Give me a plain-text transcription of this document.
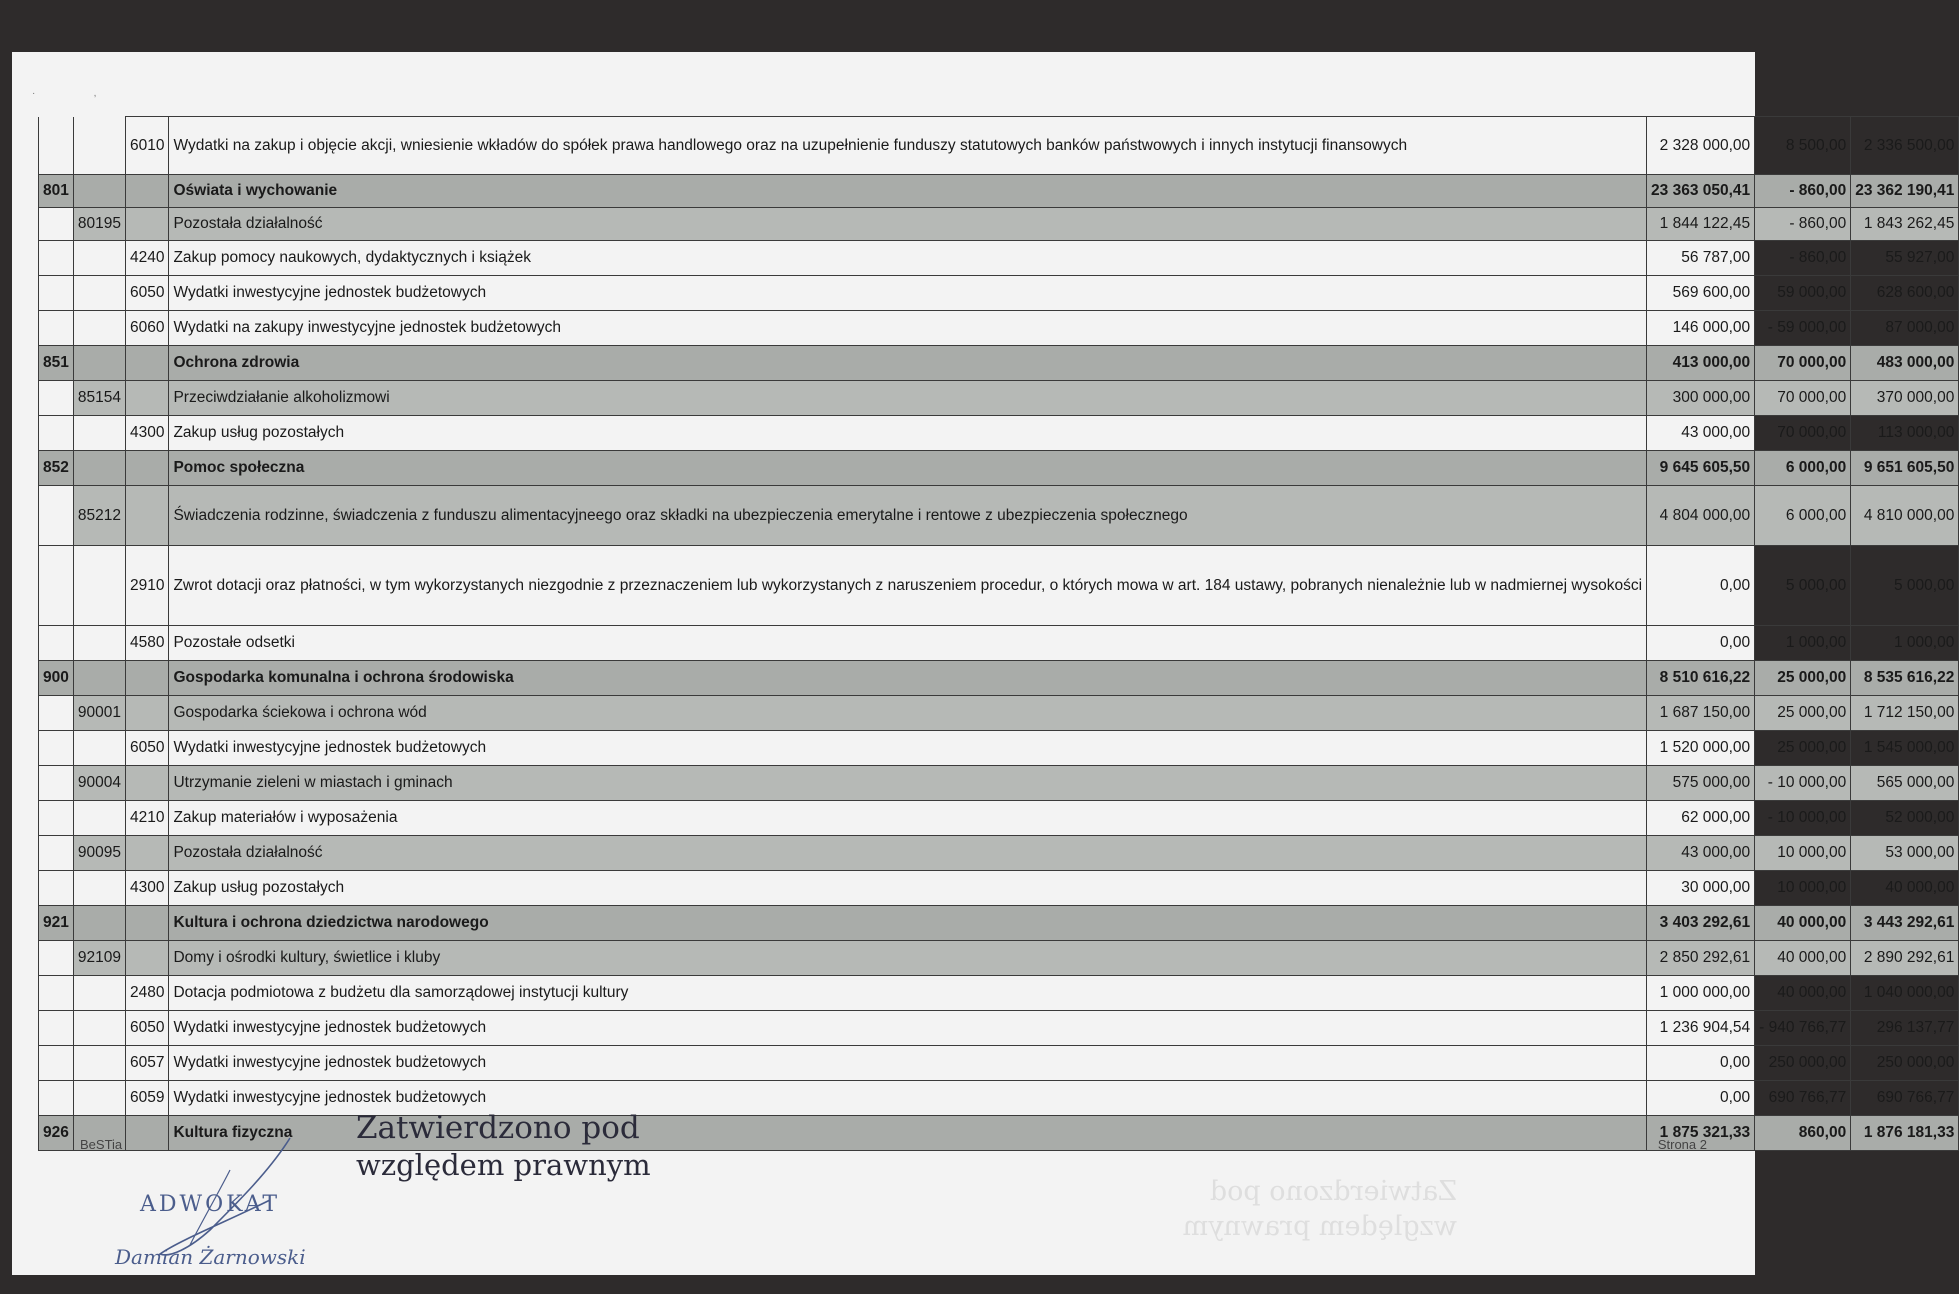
·                     ,
		6010	Wydatki na zakup i objęcie akcji, wniesienie wkładów do spółek prawa handlowego oraz na uzupełnienie funduszy statutowych banków państwowych i innych instytucji finansowych	2 328 000,00	8 500,00	2 336 500,00
801			Oświata i wychowanie	23 363 050,41	- 860,00	23 362 190,41
	80195		Pozostała działalność	1 844 122,45	- 860,00	1 843 262,45
		4240	Zakup pomocy naukowych, dydaktycznych i książek	56 787,00	- 860,00	55 927,00
		6050	Wydatki inwestycyjne jednostek budżetowych	569 600,00	59 000,00	628 600,00
		6060	Wydatki na zakupy inwestycyjne jednostek budżetowych	146 000,00	- 59 000,00	87 000,00
851			Ochrona zdrowia	413 000,00	70 000,00	483 000,00
	85154		Przeciwdziałanie alkoholizmowi	300 000,00	70 000,00	370 000,00
		4300	Zakup usług pozostałych	43 000,00	70 000,00	113 000,00
852			Pomoc społeczna	9 645 605,50	6 000,00	9 651 605,50
	85212		Świadczenia rodzinne, świadczenia z funduszu alimentacyjneego oraz składki na ubezpieczenia emerytalne i rentowe z ubezpieczenia społecznego	4 804 000,00	6 000,00	4 810 000,00
		2910	Zwrot dotacji oraz płatności, w tym wykorzystanych niezgodnie z przeznaczeniem lub wykorzystanych z naruszeniem procedur, o których mowa w art. 184 ustawy, pobranych nienależnie lub w nadmiernej wysokości	0,00	5 000,00	5 000,00
		4580	Pozostałe odsetki	0,00	1 000,00	1 000,00
900			Gospodarka komunalna i ochrona środowiska	8 510 616,22	25 000,00	8 535 616,22
	90001		Gospodarka ściekowa i ochrona wód	1 687 150,00	25 000,00	1 712 150,00
		6050	Wydatki inwestycyjne jednostek budżetowych	1 520 000,00	25 000,00	1 545 000,00
	90004		Utrzymanie zieleni w miastach i gminach	575 000,00	- 10 000,00	565 000,00
		4210	Zakup materiałów i wyposażenia	62 000,00	- 10 000,00	52 000,00
	90095		Pozostała działalność	43 000,00	10 000,00	53 000,00
		4300	Zakup usług pozostałych	30 000,00	10 000,00	40 000,00
921			Kultura i ochrona dziedzictwa narodowego	3 403 292,61	40 000,00	3 443 292,61
	92109		Domy i ośrodki kultury, świetlice i kluby	2 850 292,61	40 000,00	2 890 292,61
		2480	Dotacja podmiotowa z budżetu dla samorządowej instytucji kultury	1 000 000,00	40 000,00	1 040 000,00
		6050	Wydatki inwestycyjne jednostek budżetowych	1 236 904,54	- 940 766,77	296 137,77
		6057	Wydatki inwestycyjne jednostek budżetowych	0,00	250 000,00	250 000,00
		6059	Wydatki inwestycyjne jednostek budżetowych	0,00	690 766,77	690 766,77
926			Kultura fizyczna	1 875 321,33	860,00	1 876 181,33
Zatwierdzono pod
względem prawnym
BeSTia	Strona 2
Zatwierdzono pod
względem prawnym
ADWOKAT
Damian Żarnowski
